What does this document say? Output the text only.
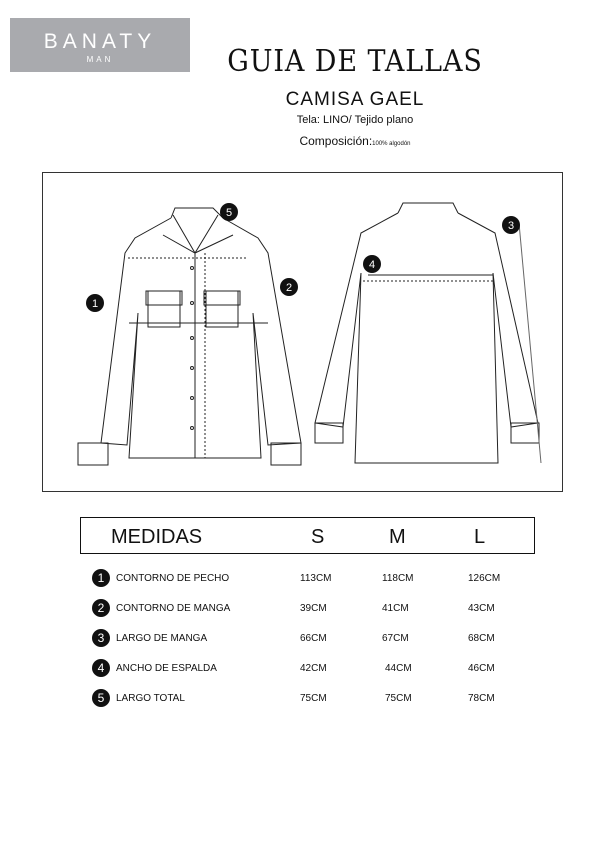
BANATY
MAN	GUIA DE TALLAS
CAMISA GAEL
Tela: LINO/ Tejido plano
Composición:100% algodón
1
2
3
4
5
MEDIDAS	S	M	L
1	CONTORNO DE PECHO	113CM	118CM	126CM
2	CONTORNO DE MANGA	39CM	41CM	43CM
3	LARGO DE MANGA	66CM	67CM	68CM
4	ANCHO DE ESPALDA	42CM	44CM	46CM
5	LARGO TOTAL	75CM	75CM	78CM
